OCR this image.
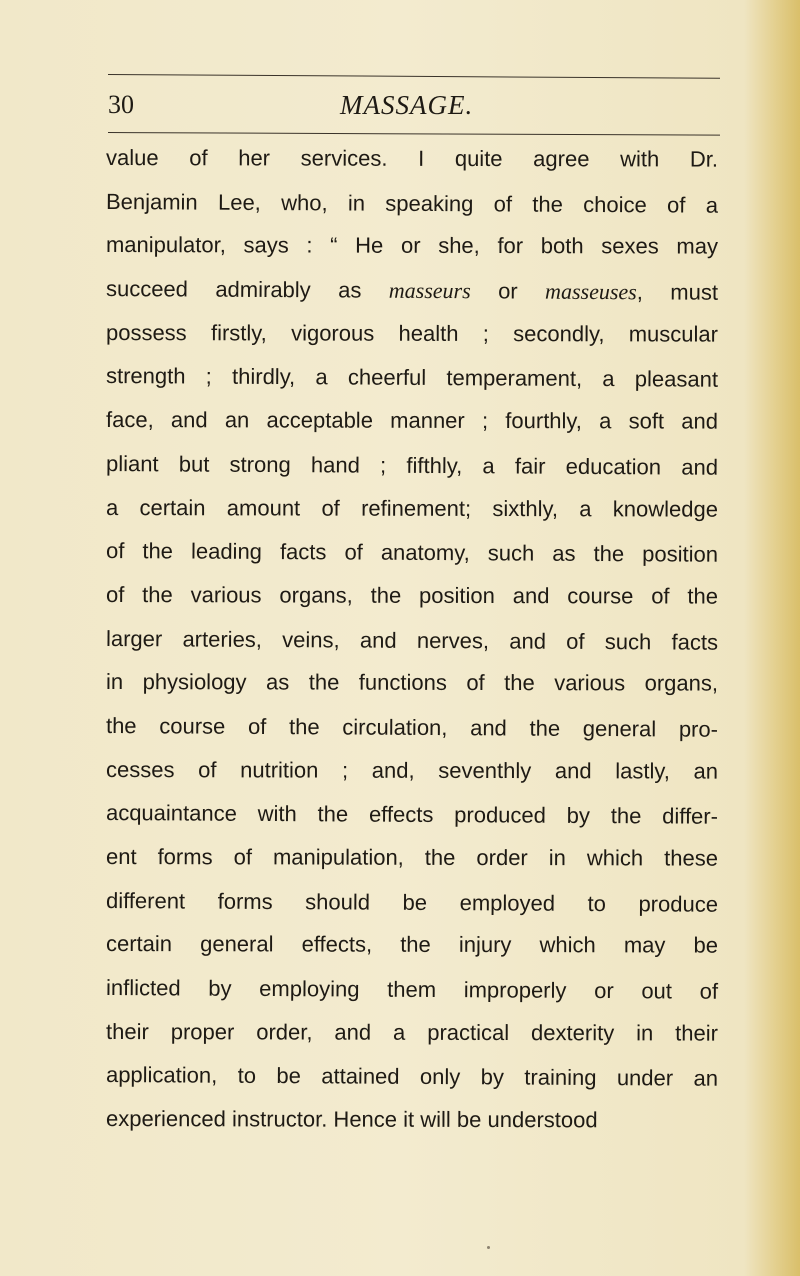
30	MASSAGE.
value of her services. I quite agree with Dr.
Benjamin Lee, who, in speaking of the choice of a
manipulator, says : “ He or she, for both sexes may
succeed admirably as masseurs or masseuses, must
possess firstly, vigorous health ; secondly, muscular
strength ; thirdly, a cheerful temperament, a pleasant
face, and an acceptable manner ; fourthly, a soft and
pliant but strong hand ; fifthly, a fair education and
a certain amount of refinement; sixthly, a knowledge
of the leading facts of anatomy, such as the position
of the various organs, the position and course of the
larger arteries, veins, and nerves, and of such facts
in physiology as the functions of the various organs,
the course of the circulation, and the general pro-
cesses of nutrition ; and, seventhly and lastly, an
acquaintance with the effects produced by the differ-
ent forms of manipulation, the order in which these
different forms should be employed to produce
certain general effects, the injury which may be
inflicted by employing them improperly or out of
their proper order, and a practical dexterity in their
application, to be attained only by training under an
experienced instructor. Hence it will be understood
